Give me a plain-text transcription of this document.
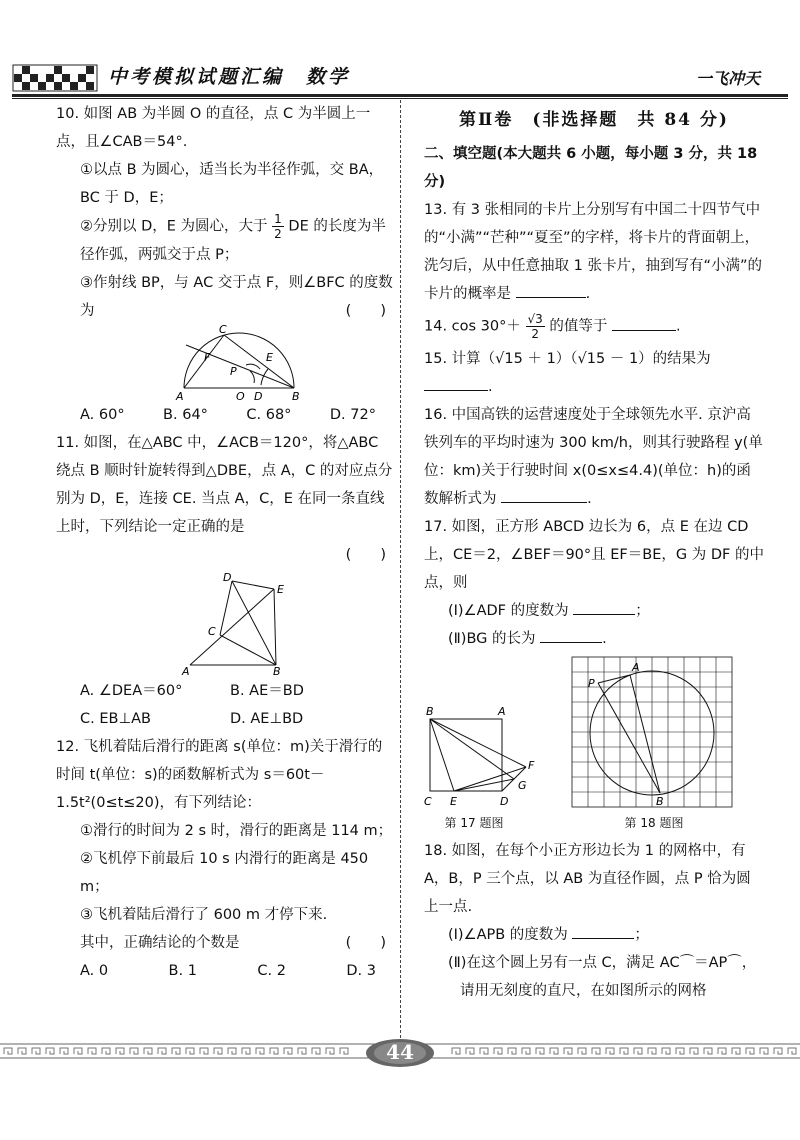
中考模拟试题汇编　数学	一飞冲天

10. 如图 AB 为半圆 O 的直径，点 C 为半圆上一点，且∠CAB＝54°.

①以点 B 为圆心，适当长为半径作弧，交 BA，BC 于 D，E；

②分别以 D，E 为圆心，大于 $\frac{1}{2}$ DE 的长度为半径作弧，两弧交于点 P；

③作射线 BP，与 AC 交于点 F，则∠BFC 的度数为	(　　)

C
F	E
P
A	O D	B
A. 60°	B. 64°	C. 68°	D. 72°

11. 如图，在△ABC 中，∠ACB＝120°，将△ABC 绕点 B 顺时针旋转得到△DBE，点 A，C 的对应点分别为 D，E，连接 CE. 当点 A，C，E 在同一条直线上时，下列结论一定正确的是

(　　)

D
E
C
A	B
A. ∠DEA＝60°	B. AE＝BD
C. EB⊥AB	D. AE⊥BD

12. 飞机着陆后滑行的距离 s(单位：m)关于滑行的时间 t(单位：s)的函数解析式为 s＝60t－1.5t²(0≤t≤20)，有下列结论：

①滑行的时间为 2 s 时，滑行的距离是 114 m；

②飞机停下前最后 10 s 内滑行的距离是 450 m；

③飞机着陆后滑行了 600 m 才停下来.

其中，正确结论的个数是	(　　)

A. 0	B. 1	C. 2	D. 3
第Ⅱ卷　(非选择题　共 84 分)

二、填空题(本大题共 6 小题，每小题 3 分，共 18 分)

13. 有 3 张相同的卡片上分别写有中国二十四节气中的“小满”“芒种”“夏至”的字样，将卡片的背面朝上，洗匀后，从中任意抽取 1 张卡片，抽到写有“小满”的卡片的概率是	.

14. $\cos 30^\circ+ \frac{√3}{2}$ 的值等于	.

15. 计算（√15 ＋ 1）（√15 － 1）的结果为 .

16. 中国高铁的运营速度处于全球领先水平. 京沪高铁列车的平均时速为 300 km/h，则其行驶路程 y(单位：km)关于行驶时间 x(0≤x≤4.4)(单位：h)的函数解析式为	.

17. 如图，正方形 ABCD 边长为 6，点 E 在边 CD 上，CE＝2，∠BEF＝90°且 EF＝BE，G 为 DF 的中点，则

(Ⅰ)∠ADF 的度数为	；

(Ⅱ)BG 的长为	.

B	A
F
C E	D
G
第 17 题图
P
A
B
第 18 题图

18. 如图，在每个小正方形边长为 1 的网格中，有 A，B，P 三个点，以 AB 为直径作圆，点 P 恰为圆上一点.

(Ⅰ)∠APB 的度数为	；

(Ⅱ)在这个圆上另有一点 C，满足 AC⌒＝AP⌒，

请用无刻度的直尺，在如图所示的网格

44
